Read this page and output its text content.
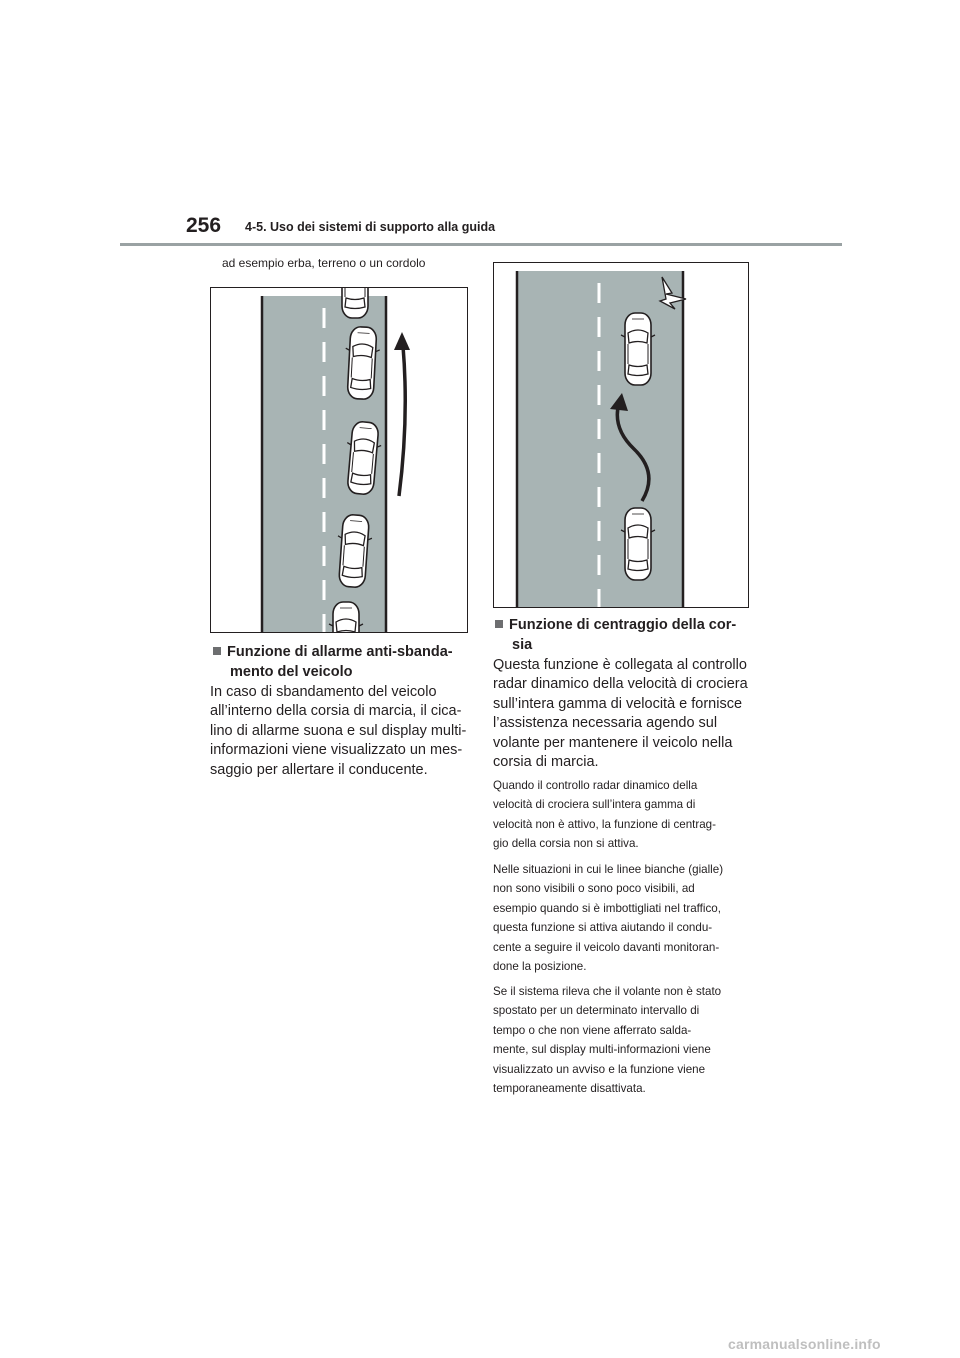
256 4-5. Uso dei sistemi di supporto alla guida
ad esempio erba, terreno o un cordolo
Funzione di allarme anti-sbanda-
mento del veicolo
In caso di sbandamento del veicolo
all’interno della corsia di marcia, il cica-
lino di allarme suona e sul display multi-
informazioni viene visualizzato un mes-
saggio per allertare il conducente.
Funzione di centraggio della cor-
sia
Questa funzione è collegata al controllo
radar dinamico della velocità di crociera
sull’intera gamma di velocità e fornisce
l’assistenza necessaria agendo sul
volante per mantenere il veicolo nella
corsia di marcia.
Quando il controllo radar dinamico della
velocità di crociera sull’intera gamma di
velocità non è attivo, la funzione di centrag-
gio della corsia non si attiva.
Nelle situazioni in cui le linee bianche (gialle)
non sono visibili o sono poco visibili, ad
esempio quando si è imbottigliati nel traffico,
questa funzione si attiva aiutando il condu-
cente a seguire il veicolo davanti monitoran-
done la posizione.
Se il sistema rileva che il volante non è stato
spostato per un determinato intervallo di
tempo o che non viene afferrato salda-
mente, sul display multi-informazioni viene
visualizzato un avviso e la funzione viene
temporaneamente disattivata.
carmanualsonline.info
